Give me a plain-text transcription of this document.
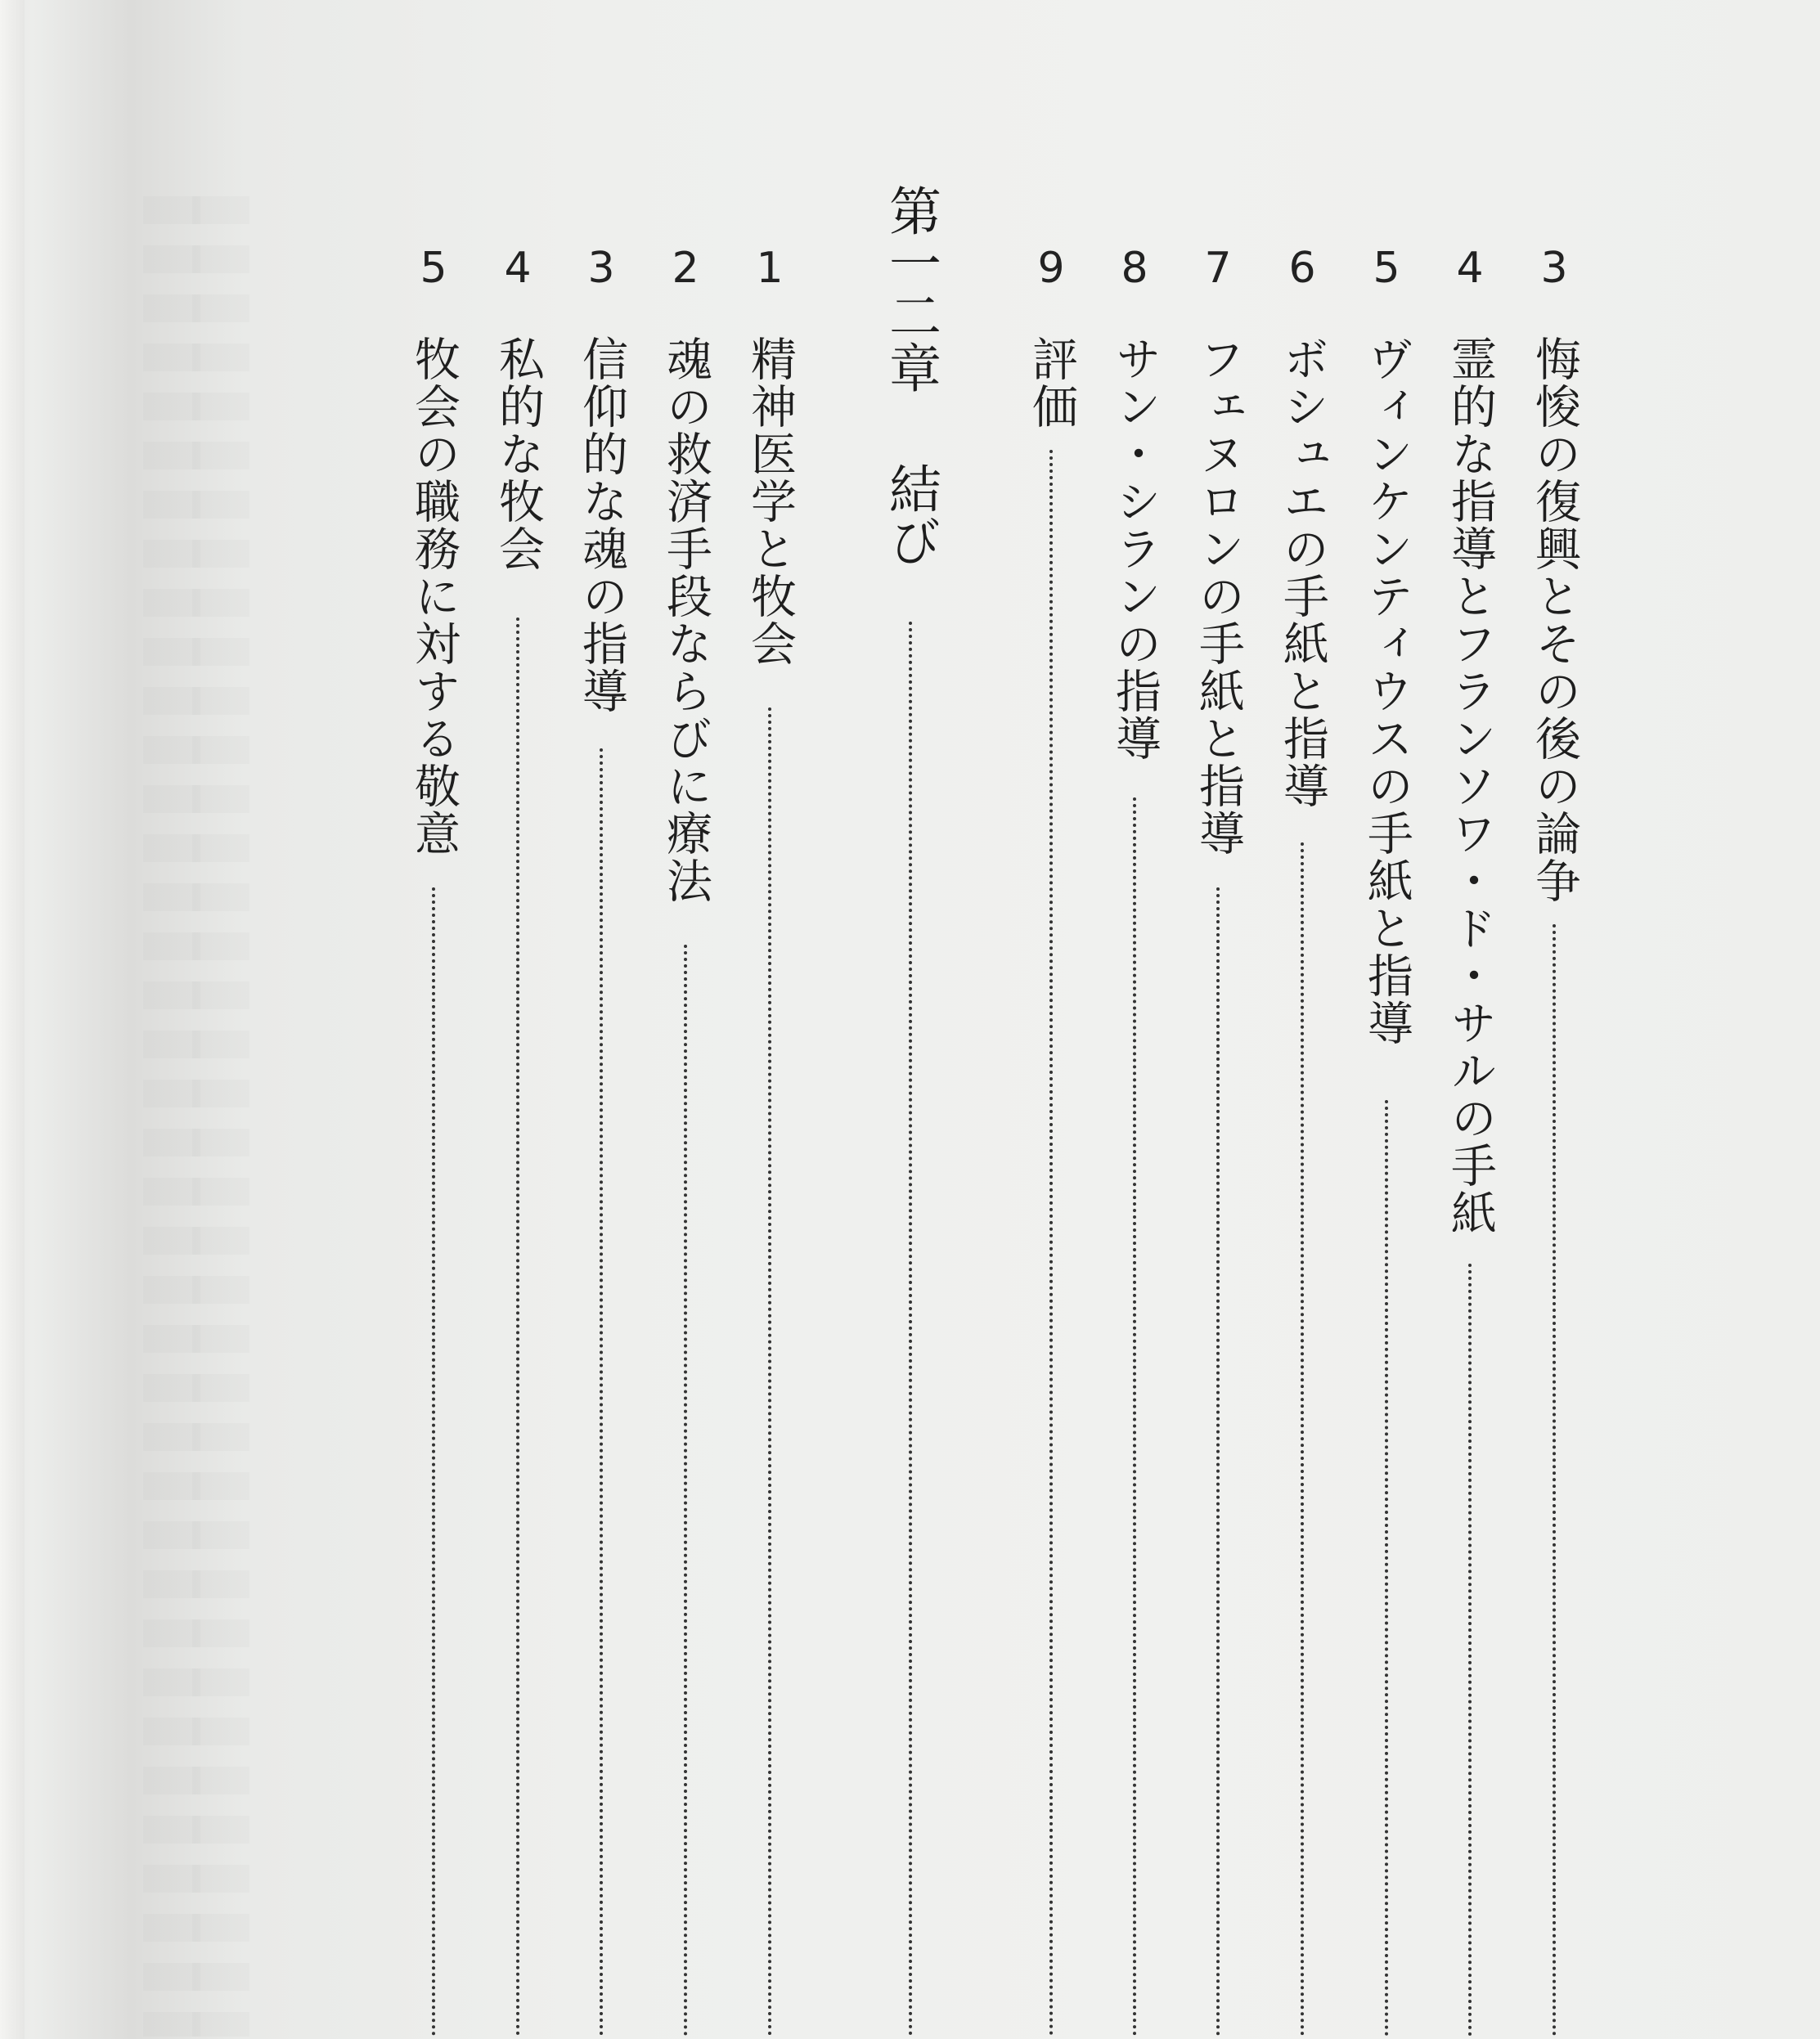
3
悔悛の復興とその後の論争
4
霊的な指導とフランソワ・ド・サルの手紙
5
ヴィンケンティウスの手紙と指導
6
ボシュエの手紙と指導
7
フェヌロンの手紙と指導
8
サン・シランの指導
9
評価
第一二章
結び
1
精神医学と牧会
2
魂の救済手段ならびに療法
3
信仰的な魂の指導
4
私的な牧会
5
牧会の職務に対する敬意
